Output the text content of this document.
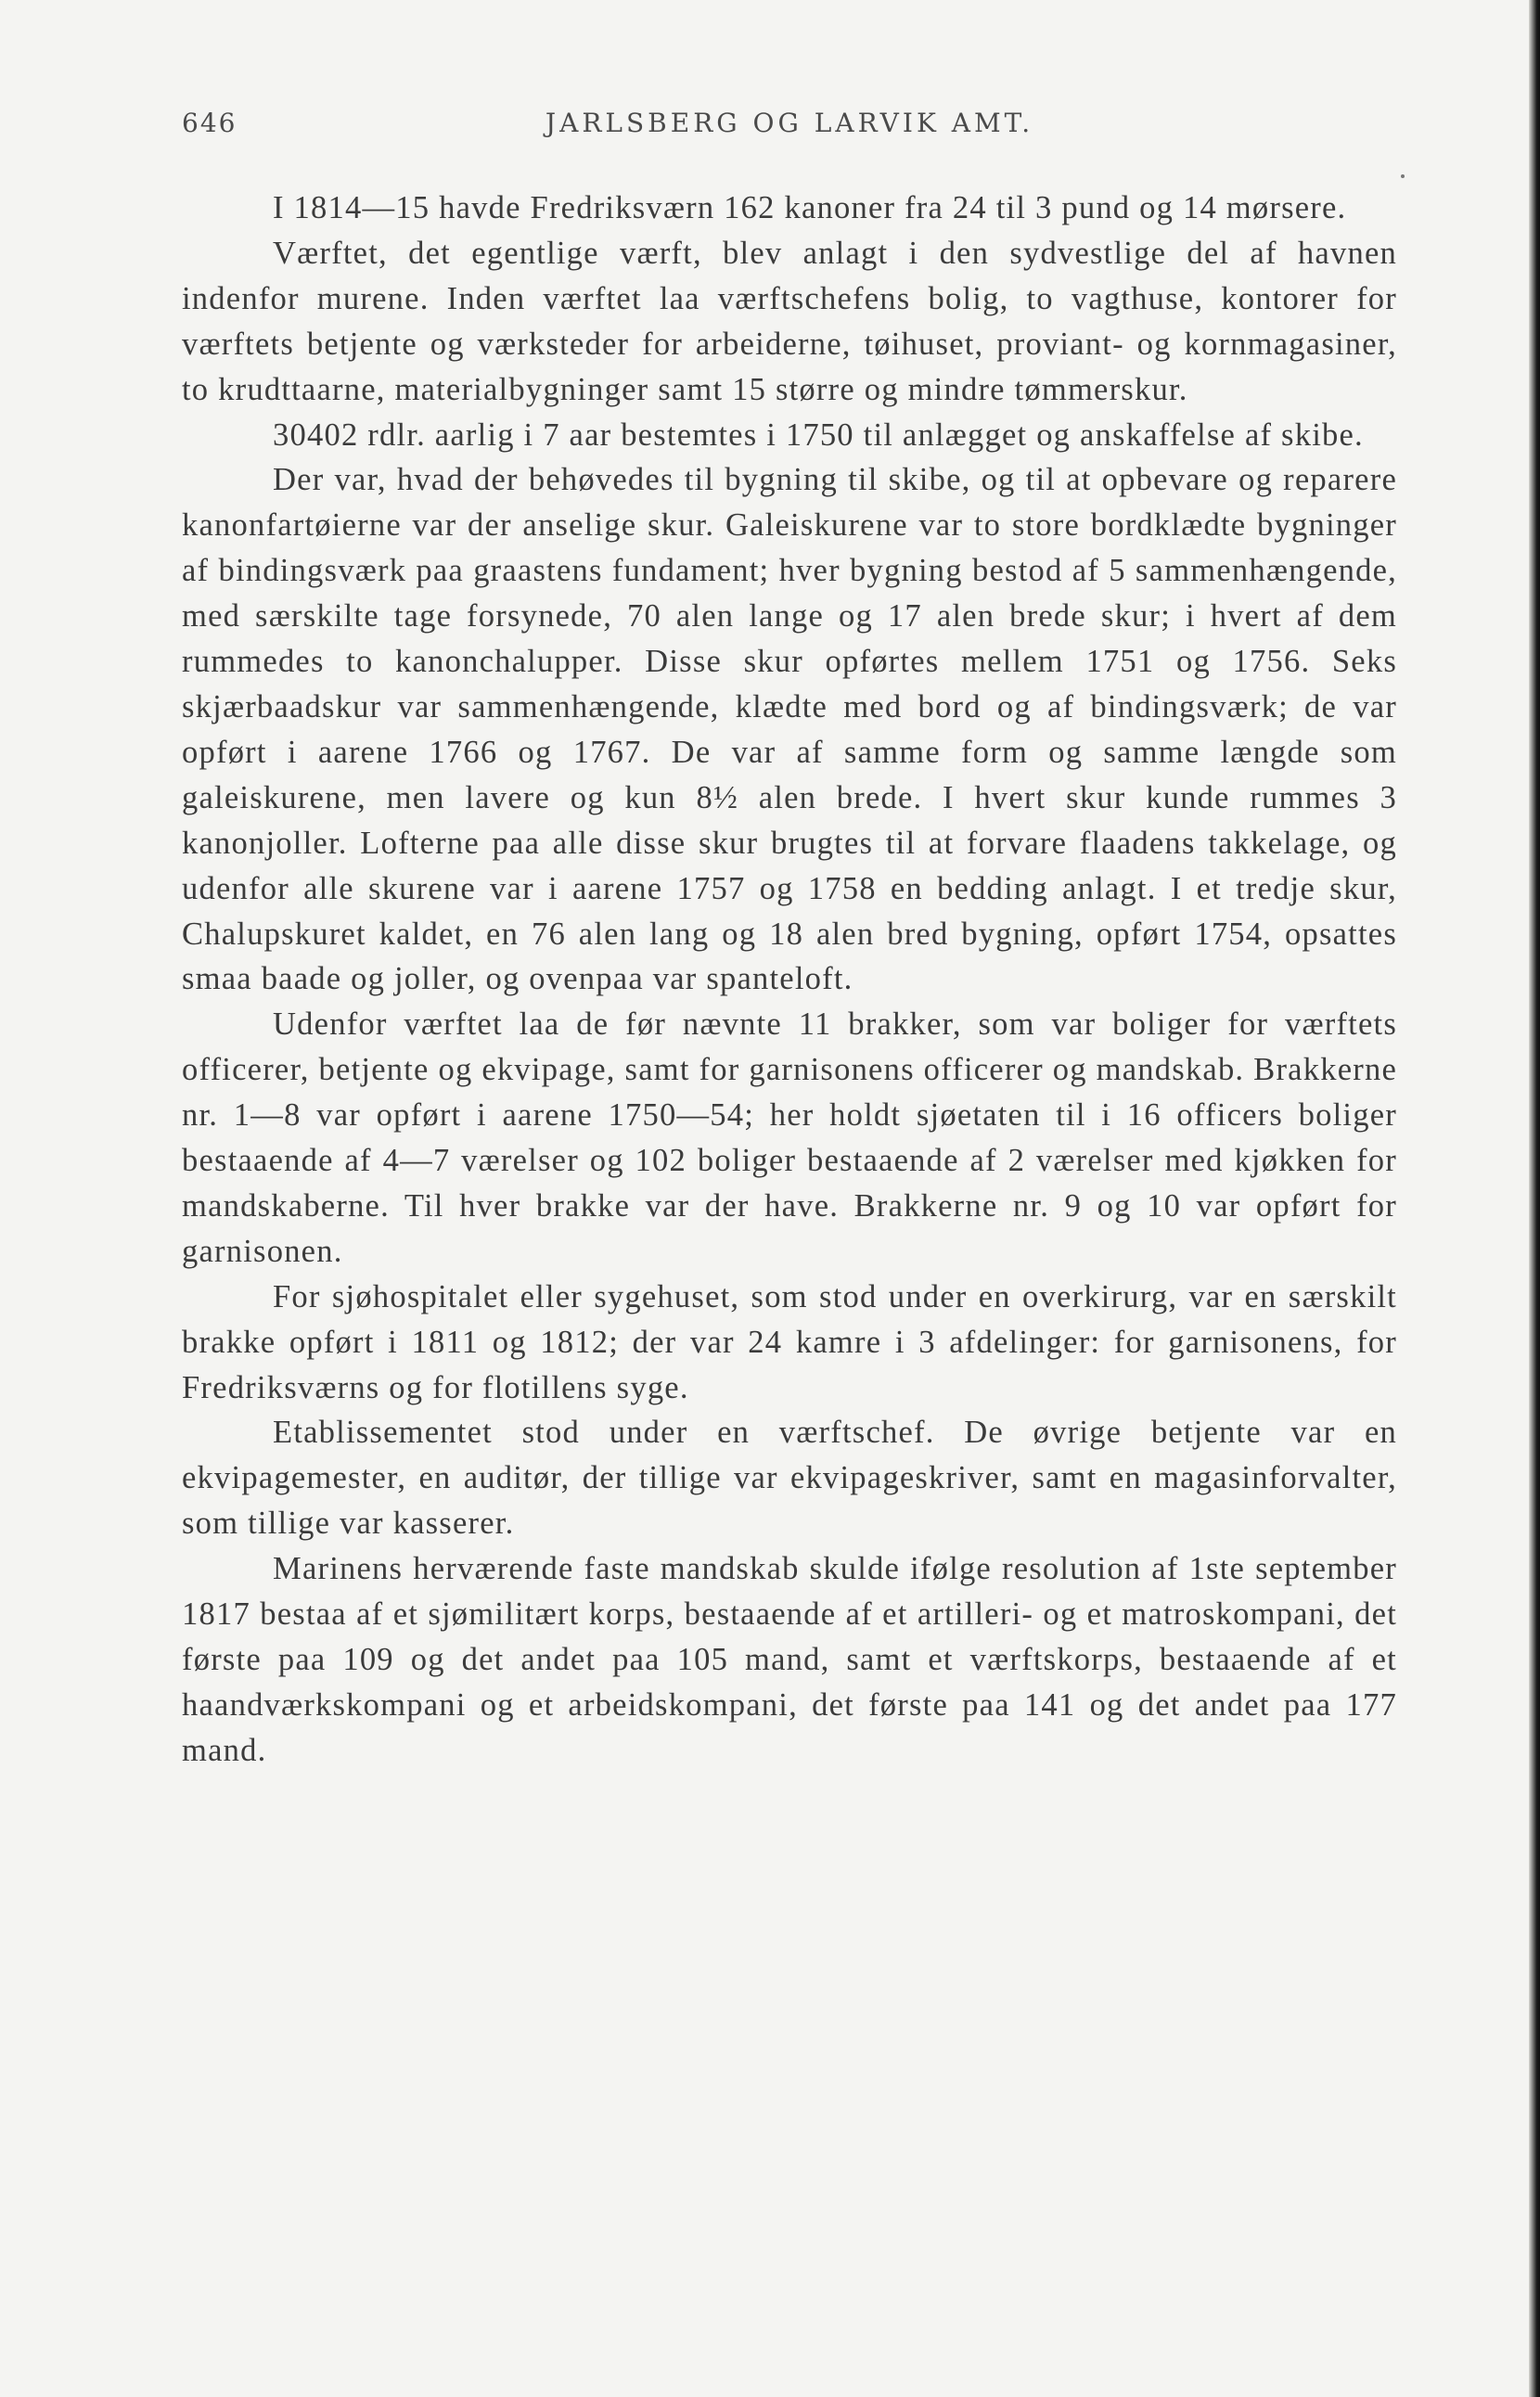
646	JARLSBERG OG LARVIK AMT.

I 1814—15 havde Fredriksværn 162 kanoner fra 24 til 3 pund og 14 mørsere.

Værftet, det egentlige værft, blev anlagt i den sydvestlige del af havnen indenfor murene. Inden værftet laa værftschefens bolig, to vagthuse, kontorer for værftets betjente og værksteder for arbeiderne, tøihuset, proviant- og kornmagasiner, to krudttaarne, materialbygninger samt 15 større og mindre tømmerskur.

30402 rdlr. aarlig i 7 aar bestemtes i 1750 til anlægget og anskaffelse af skibe.

Der var, hvad der behøvedes til bygning til skibe, og til at opbevare og reparere kanonfartøierne var der anselige skur. Galeiskurene var to store bordklædte bygninger af bindingsværk paa graastens fundament; hver bygning bestod af 5 sammenhængende, med særskilte tage forsynede, 70 alen lange og 17 alen brede skur; i hvert af dem rummedes to kanonchalupper. Disse skur opførtes mellem 1751 og 1756. Seks skjærbaadskur var sammenhængende, klædte med bord og af bindingsværk; de var opført i aarene 1766 og 1767. De var af samme form og samme længde som galeiskurene, men lavere og kun 8½ alen brede. I hvert skur kunde rummes 3 kanonjoller. Lofterne paa alle disse skur brugtes til at forvare flaadens takkelage, og udenfor alle skurene var i aarene 1757 og 1758 en bedding anlagt. I et tredje skur, Chalupskuret kaldet, en 76 alen lang og 18 alen bred bygning, opført 1754, opsattes smaa baade og joller, og ovenpaa var spanteloft.

Udenfor værftet laa de før nævnte 11 brakker, som var boliger for værftets officerer, betjente og ekvipage, samt for garnisonens officerer og mandskab. Brakkerne nr. 1—8 var opført i aarene 1750—54; her holdt sjøetaten til i 16 officers boliger bestaaende af 4—7 værelser og 102 boliger bestaaende af 2 værelser med kjøkken for mandskaberne. Til hver brakke var der have. Brakkerne nr. 9 og 10 var opført for garnisonen.

For sjøhospitalet eller sygehuset, som stod under en overkirurg, var en særskilt brakke opført i 1811 og 1812; der var 24 kamre i 3 afdelinger: for garnisonens, for Fredriksværns og for flotillens syge.

Etablissementet stod under en værftschef. De øvrige betjente var en ekvipagemester, en auditør, der tillige var ekvipageskriver, samt en magasinforvalter, som tillige var kasserer.

Marinens herværende faste mandskab skulde ifølge resolution af 1ste september 1817 bestaa af et sjømilitært korps, bestaaende af et artilleri- og et matroskompani, det første paa 109 og det andet paa 105 mand, samt et værftskorps, bestaaende af et haandværkskompani og et arbeidskompani, det første paa 141 og det andet paa 177 mand.
